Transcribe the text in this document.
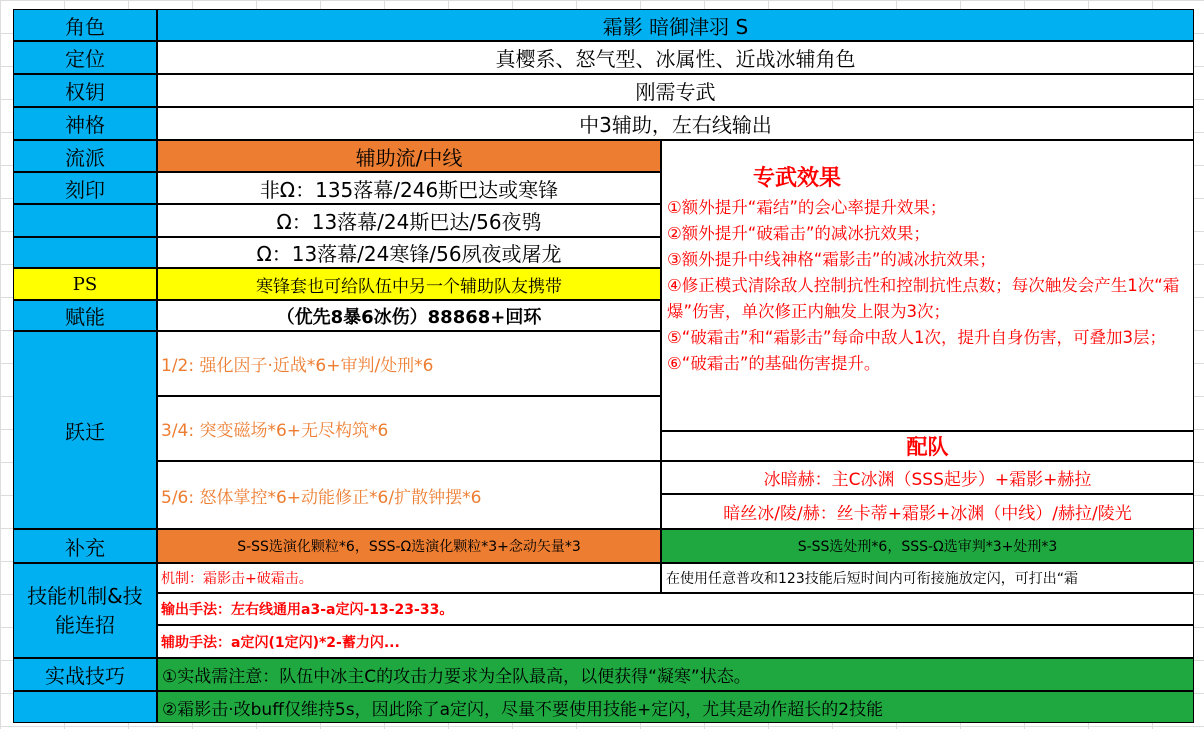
角色
定位
权钥
神格
流派
刻印
PS
赋能
跃迁
补充
技能机制&技能连招
实战技巧
霜影 暗御津羽 S
真樱系、怒气型、冰属性、近战冰辅角色
刚需专武
中3辅助，左右线输出
辅助流/中线
非Ω：135落幕/246斯巴达或寒锋
Ω：13落幕/24斯巴达/56夜鸮
Ω：13落幕/24寒锋/56夙夜或屠龙
寒锋套也可给队伍中另一个辅助队友携带
（优先8暴6冰伤）88868+回环
1/2: 强化因子·近战*6+审判/处刑*6
3/4: 突变磁场*6+无尽构筑*6
5/6: 怒体掌控*6+动能修正*6/扩散钟摆*6
专武效果
①额外提升“霜结”的会心率提升效果；
②额外提升“破霜击”的减冰抗效果；
③额外提升中线神格“霜影击”的减冰抗效果；
④修正模式清除敌人控制抗性和控制抗性点数；每次触发会产生1次“霜爆”伤害，单次修正内触发上限为3次；
⑤“破霜击”和“霜影击”每命中敌人1次，提升自身伤害，可叠加3层；
⑥“破霜击”的基础伤害提升。
配队
冰暗赫：主C冰渊（SSS起步）+霜影+赫拉
暗丝冰/陵/赫：丝卡蒂+霜影+冰渊（中线）/赫拉/陵光
S-SS选演化颗粒*6，SSS-Ω选演化颗粒*3+念动矢量*3	S-SS选处刑*6，SSS-Ω选审判*3+处刑*3
机制：霜影击+破霜击。	在使用任意普攻和123技能后短时间内可衔接施放定闪，可打出“霜
输出手法：左右线通用a3-a定闪-13-23-33。
辅助手法：a定闪(1定闪)*2-蓄力闪...
①实战需注意：队伍中冰主C的攻击力要求为全队最高，以便获得“凝寒”状态。
②霜影击·改buff仅维持5s，因此除了a定闪，尽量不要使用技能+定闪，尤其是动作超长的2技能
